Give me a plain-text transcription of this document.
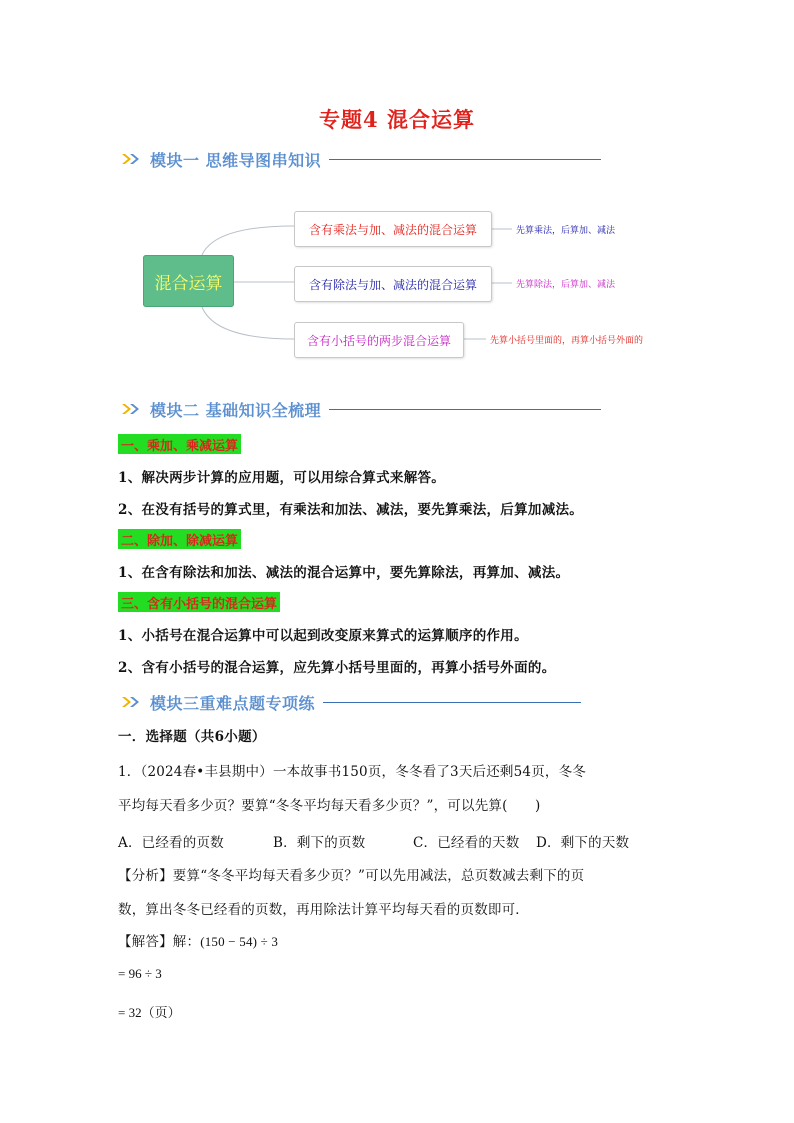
专题4 混合运算
模块一 思维导图串知识
混合运算
含有乘法与加、减法的混合运算	先算乘法，后算加、减法
含有除法与加、减法的混合运算	先算除法，后算加、减法
含有小括号的两步混合运算	先算小括号里面的，再算小括号外面的
模块二 基础知识全梳理
一、乘加、乘减运算
1、解决两步计算的应用题，可以用综合算式来解答。
2、在没有括号的算式里，有乘法和加法、减法，要先算乘法，后算加减法。
二、除加、除减运算
1、在含有除法和加法、减法的混合运算中，要先算除法，再算加、减法。
三、含有小括号的混合运算
1、小括号在混合运算中可以起到改变原来算式的运算顺序的作用。
2、含有小括号的混合运算，应先算小括号里面的，再算小括号外面的。
模块三重难点题专项练
一．选择题（共6小题）
1．（2024春•丰县期中）一本故事书150页，冬冬看了3天后还剩54页，冬冬
平均每天看多少页？要算“冬冬平均每天看多少页？”，可以先算(　　)
A．已经看的页数	B．剩下的页数	C．已经看的天数 D．剩下的天数
【分析】要算“冬冬平均每天看多少页？”可以先用减法，总页数减去剩下的页
数，算出冬冬已经看的页数，再用除法计算平均每天看的页数即可．
【解答】解：(150 − 54) ÷ 3
= 96 ÷ 3
= 32（页）
